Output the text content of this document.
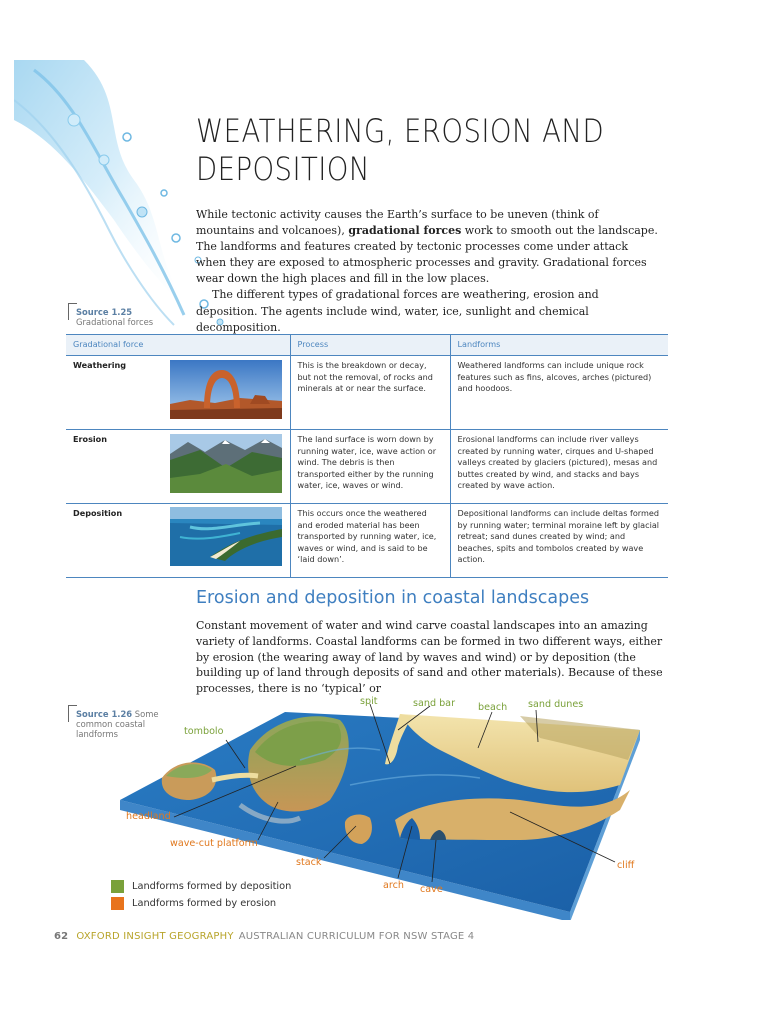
WEATHERING, EROSION AND
DEPOSITION

While tectonic activity causes the Earth’s surface to be uneven (think of mountains and volcanoes), gradational forces work to smooth out the landscape. The landforms and features created by tectonic processes come under attack when they are exposed to atmospheric processes and gravity. Gradational forces wear down the high places and fill in the low places.

The different types of gradational forces are weathering, erosion and deposition. The agents include wind, water, ice, sunlight and chemical decomposition.

Source 1.25
Gradational forces
Gradational force	Process	Landforms
Weathering	This is the breakdown or decay, but not the removal, of rocks and minerals at or near the surface.	Weathered landforms can include unique rock features such as fins, alcoves, arches (pictured) and hoodoos.
Erosion	The land surface is worn down by running water, ice, wave action or wind. The debris is then transported either by the running water, ice, waves or wind.	Erosional landforms can include river valleys created by running water, cirques and U-shaped valleys created by glaciers (pictured), mesas and buttes created by wind, and stacks and bays created by wave action.
Deposition	This occurs once the weathered and eroded material has been transported by running water, ice, waves or wind, and is said to be ‘laid down’.	Depositional landforms can include deltas formed by running water; terminal moraine left by glacial retreat; sand dunes created by wind; and beaches, spits and tombolos created by wave action.
Erosion and deposition in coastal landscapes

Constant movement of water and wind carve coastal landscapes into an amazing variety of landforms. Coastal landforms can be formed in two different ways, either by erosion (the wearing away of land by waves and wind) or by deposition (the building up of land through deposits of sand and other materials). Because of these processes, there is no ‘typical’ or

Source 1.26 Some common coastal landforms
spit	sand bar beach sand dunes
tombolo
headland
wave-cut platform
stack
arch cave
cliff
Landforms formed by deposition
Landforms formed by erosion
62 OXFORD INSIGHT GEOGRAPHY AUSTRALIAN CURRICULUM FOR NSW STAGE 4
